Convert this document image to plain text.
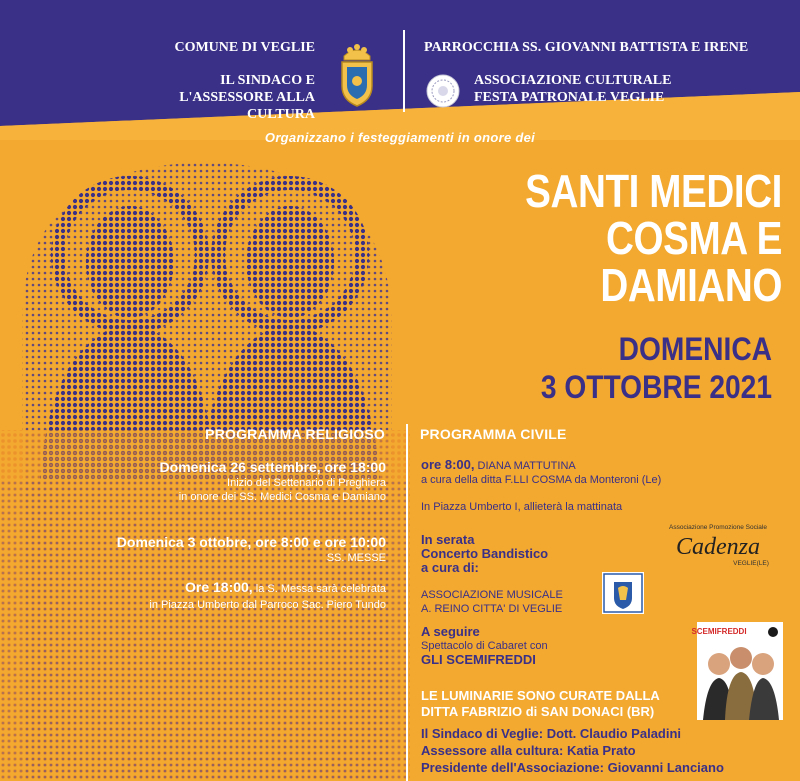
COMUNE DI VEGLIE
IL SINDACO E
L'ASSESSORE ALLA CULTURA
PARROCCHIA SS. GIOVANNI BATTISTA E IRENE
ASSOCIAZIONE CULTURALE
FESTA PATRONALE VEGLIE
Organizzano i festeggiamenti in onore dei
SANTI MEDICI
COSMA E
DAMIANO
DOMENICA
3 OTTOBRE 2021
PROGRAMMA RELIGIOSO
Domenica 26 settembre, ore 18:00
Inizio del Settenario di Preghiera
in onore dei SS. Medici Cosma e Damiano
Domenica 3 ottobre, ore 8:00 e ore 10:00
SS. MESSE
Ore 18:00, la S. Messa sarà celebrata
in Piazza Umberto dal Parroco Sac. Piero Tundo
PROGRAMMA CIVILE
ore 8:00, DIANA MATTUTINA
a cura della ditta F.LLI COSMA da Monteroni (Le)
In Piazza Umberto I, allieterà la mattinata
In serata
Concerto Bandistico
a cura di:
ASSOCIAZIONE MUSICALE
A. REINO CITTA' DI VEGLIE
A seguire
Spettacolo di Cabaret con
GLI SCEMIFREDDI
LE LUMINARIE SONO CURATE DALLA
DITTA FABRIZIO di SAN DONACI (BR)
Il Sindaco di Veglie: Dott. Claudio Paladini
Assessore alla cultura: Katia Prato
Presidente dell'Associazione: Giovanni Lanciano
Associazione Promozione Sociale
Cadenza
VEGLIE(LE)
SCEMIFREDDI
